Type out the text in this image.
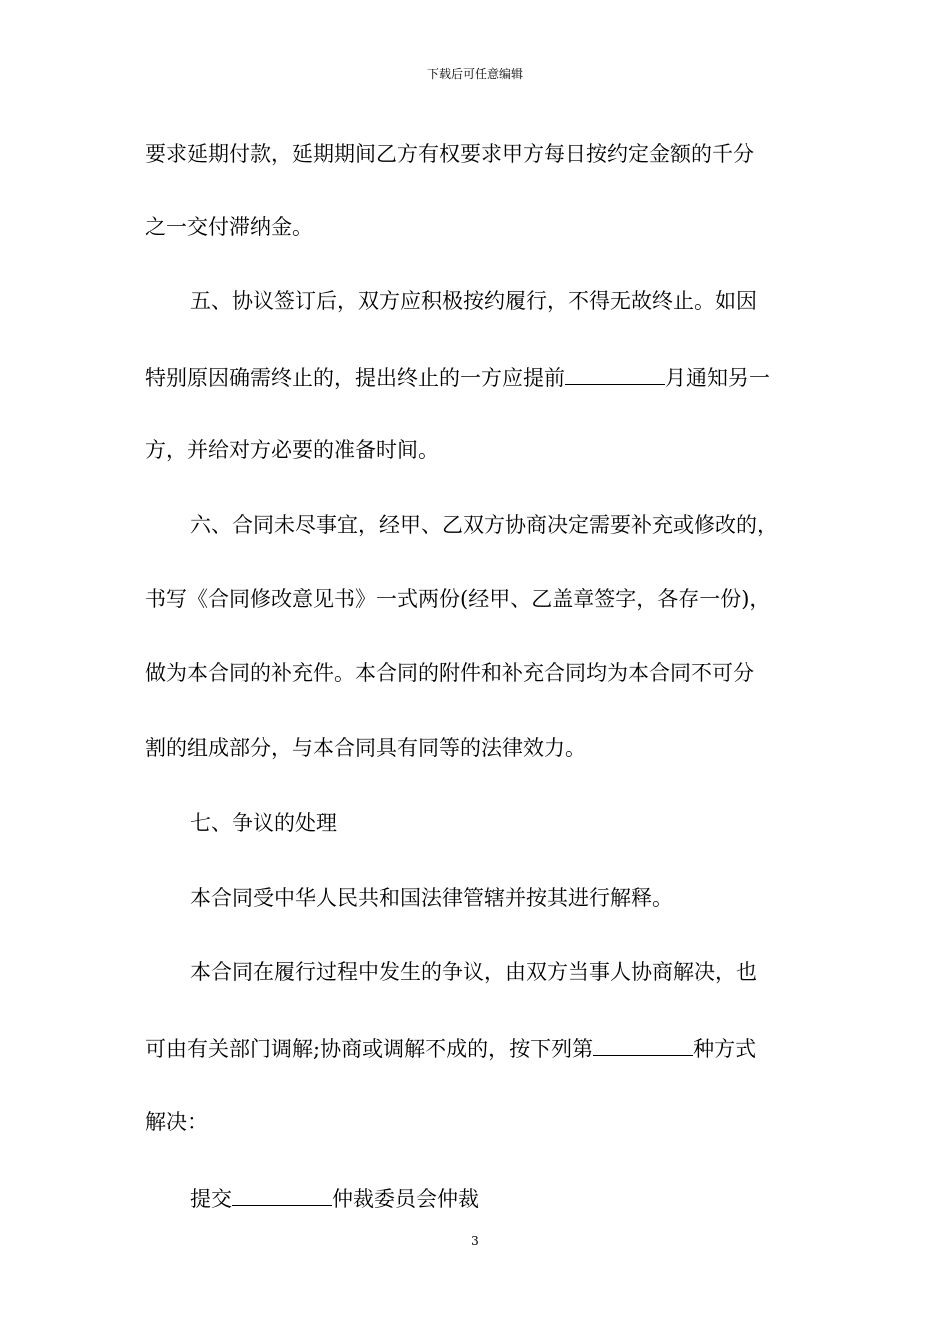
下载后可任意编辑
要求延期付款，延期期间乙方有权要求甲方每日按约定金额的千分
之一交付滞纳金。
五、协议签订后，双方应积极按约履行，不得无故终止。如因
特别原因确需终止的，提出终止的一方应提前	月通知另一
方，并给对方必要的准备时间。
六、合同未尽事宜，经甲、乙双方协商决定需要补充或修改的，
书写《合同修改意见书》一式两份(经甲、乙盖章签字，各存一份)，
做为本合同的补充件。本合同的附件和补充合同均为本合同不可分
割的组成部分，与本合同具有同等的法律效力。
七、争议的处理
本合同受中华人民共和国法律管辖并按其进行解释。
本合同在履行过程中发生的争议，由双方当事人协商解决，也
可由有关部门调解;协商或调解不成的，按下列第	种方式
解决：
提交	仲裁委员会仲裁
3
